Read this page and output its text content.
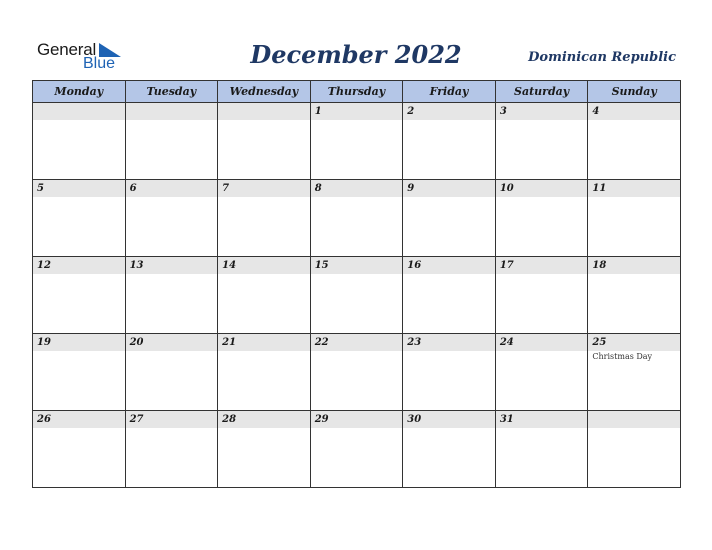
General
Blue	December 2022	Dominican Republic
Monday	Tuesday	Wednesday	Thursday	Friday	Saturday	Sunday

			1	2	3	4

5	6	7	8	9	10	11

12	13	14	15	16	17	18

19	20	21	22	23	24	25
Christmas Day

26	27	28	29	30	31	
